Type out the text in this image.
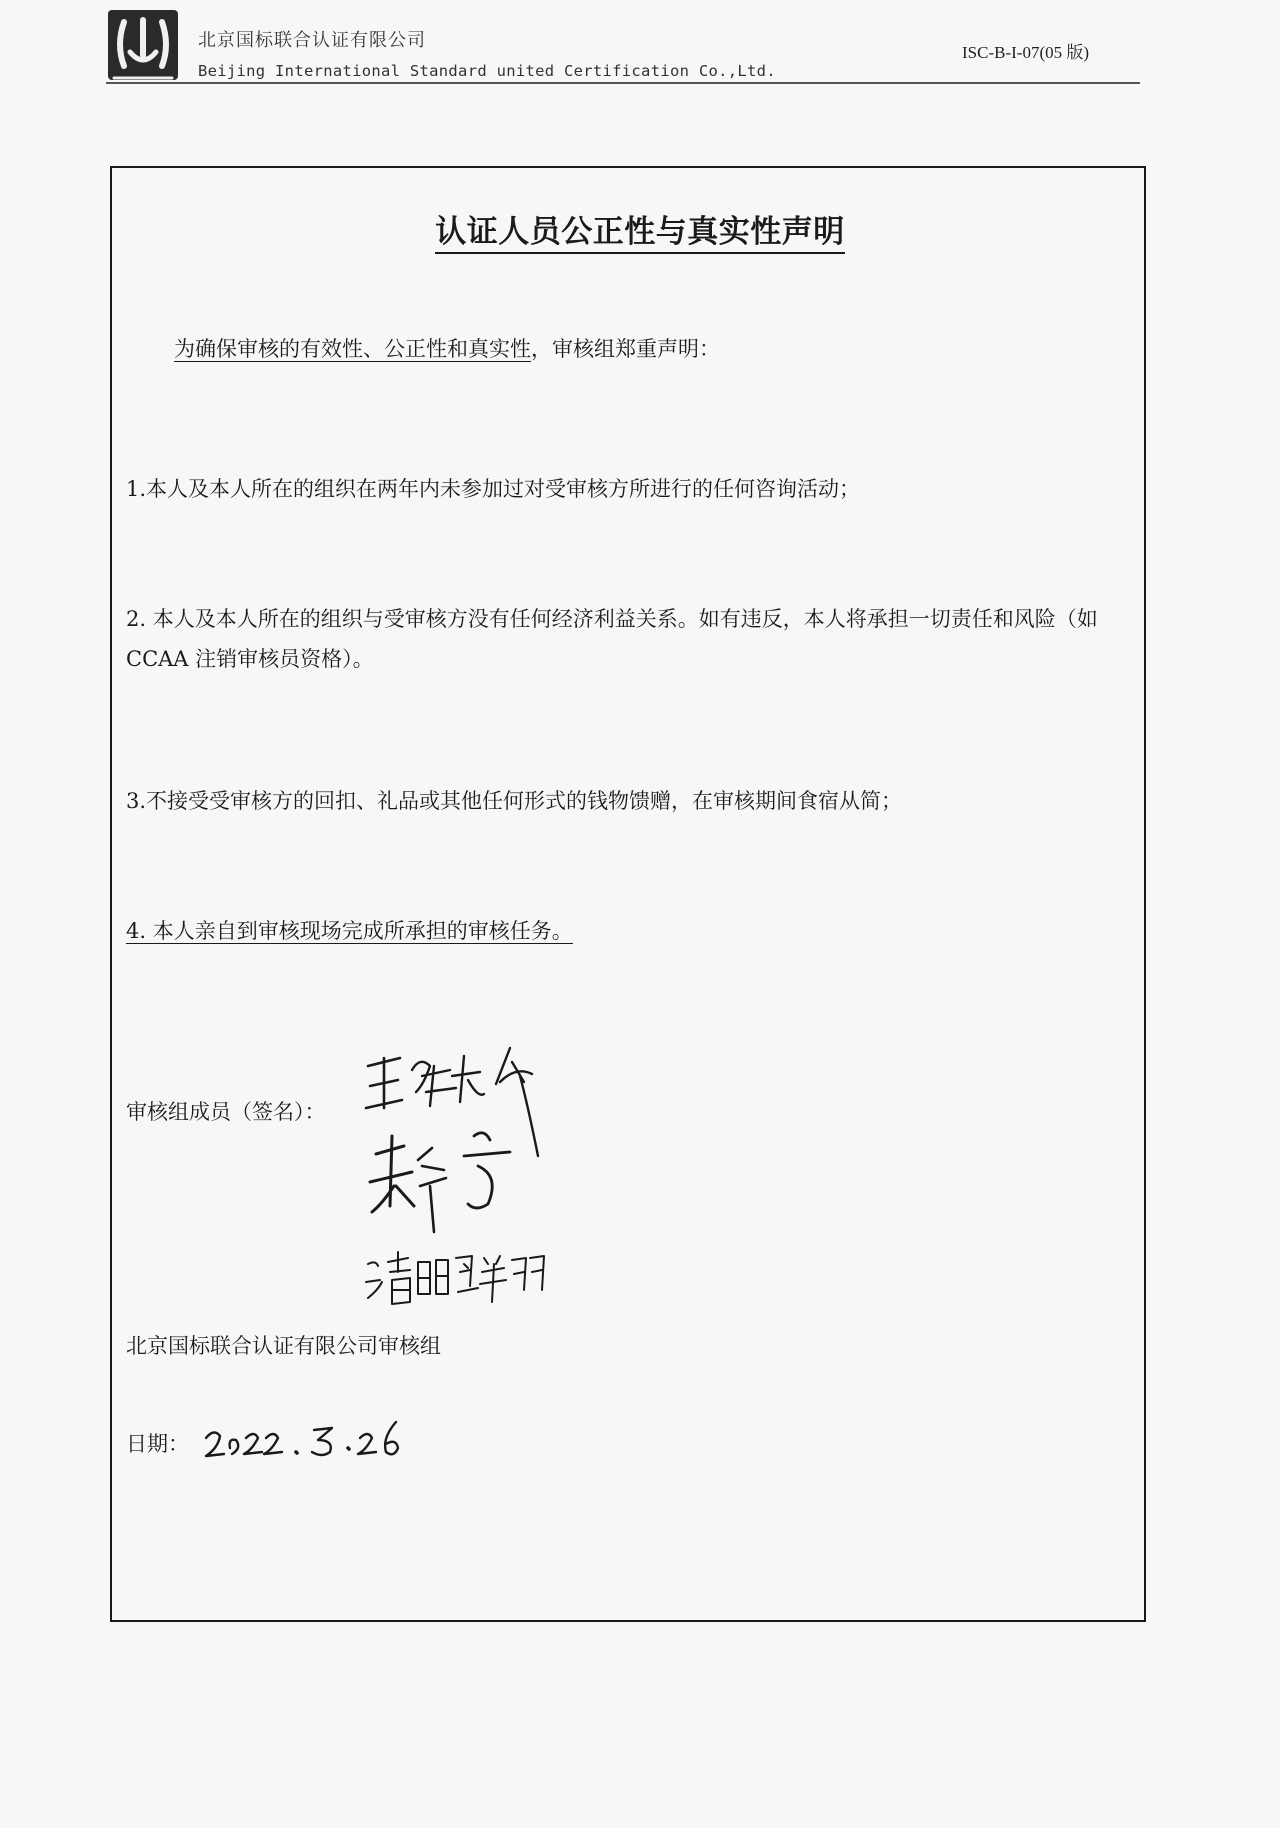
北京国标联合认证有限公司
Beijing International Standard united Certification Co.,Ltd.
ISC-B-I-07(05 版)
认证人员公正性与真实性声明
为确保审核的有效性、公正性和真实性，审核组郑重声明：
1.本人及本人所在的组织在两年内未参加过对受审核方所进行的任何咨询活动；
2. 本人及本人所在的组织与受审核方没有任何经济利益关系。如有违反，本人将承担一切责任和风险（如 CCAA 注销审核员资格）。
3.不接受受审核方的回扣、礼品或其他任何形式的钱物馈赠，在审核期间食宿从简；
4. 本人亲自到审核现场完成所承担的审核任务。
审核组成员（签名）：
北京国标联合认证有限公司审核组
日期：
